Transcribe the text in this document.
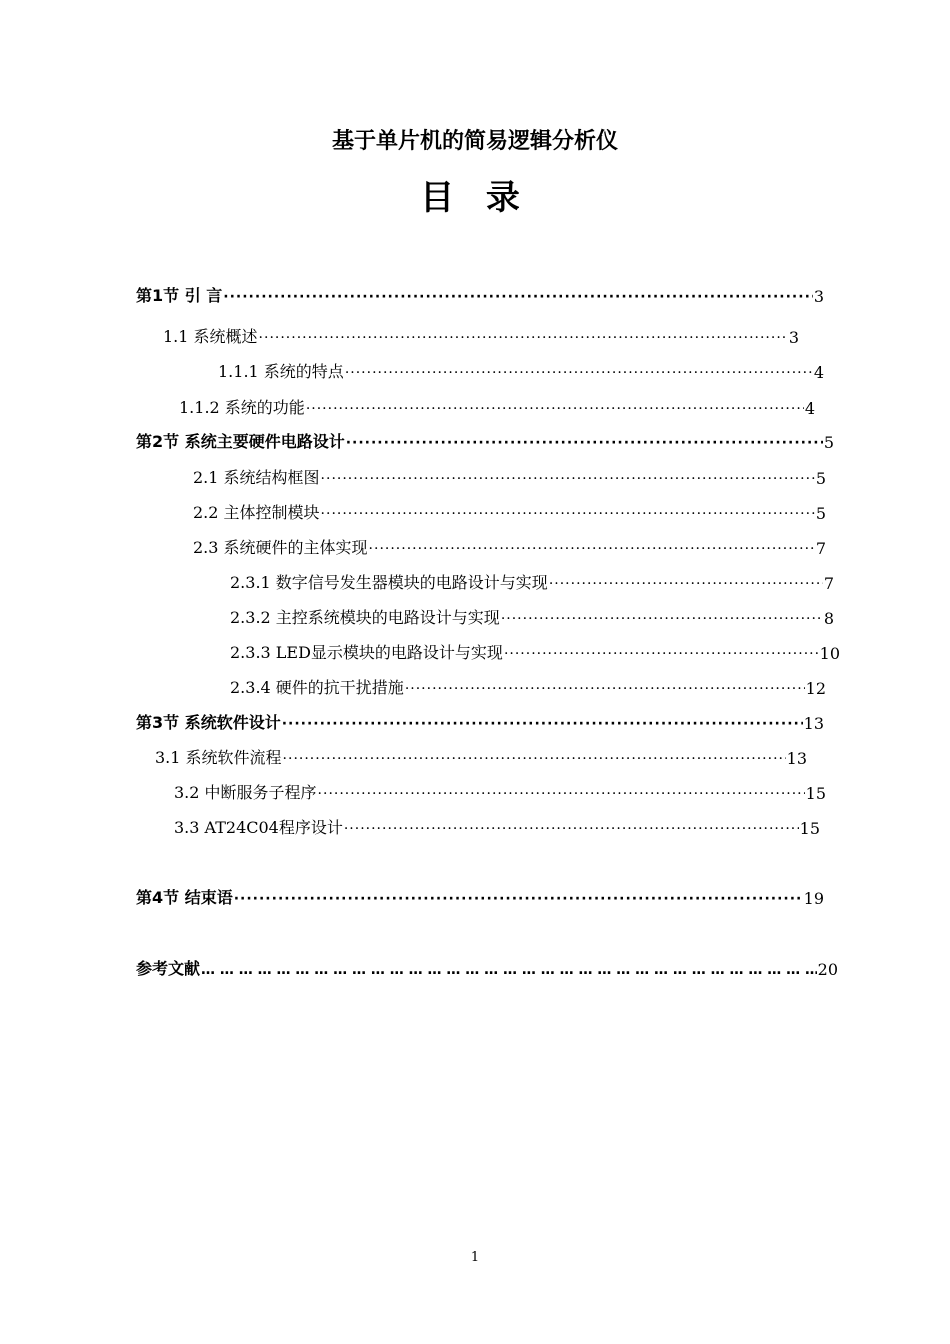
基于单片机的简易逻辑分析仪
目 录
第1节 引 言 ·····	3
1.1 系统概述 ·····	3
1.1.1 系统的特点 ·····	4
1.1.2 系统的功能 ·····	4
第2节 系统主要硬件电路设计 ·····	5
2.1 系统结构框图 ·····	5
2.2 主体控制模块 ·····	5
2.3 系统硬件的主体实现 ·····	7
2.3.1 数字信号发生器模块的电路设计与实现 ·····	7
2.3.2 主控系统模块的电路设计与实现 ·····	8
2.3.3 LED显示模块的电路设计与实现 ·····	10
2.3.4 硬件的抗干扰措施 ·····	12
第3节 系统软件设计 ·····	13
3.1 系统软件流程 ·····	13
3.2 中断服务子程序 ·····	15
3.3 AT24C04程序设计 ·····	15
第4节 结束语 ·····	19
参考文献 … … … … … … … … … … … … … … … … … … … … … … … … … … … … … … … … … … … … … … … … … … … … … … … … … …	20
1
